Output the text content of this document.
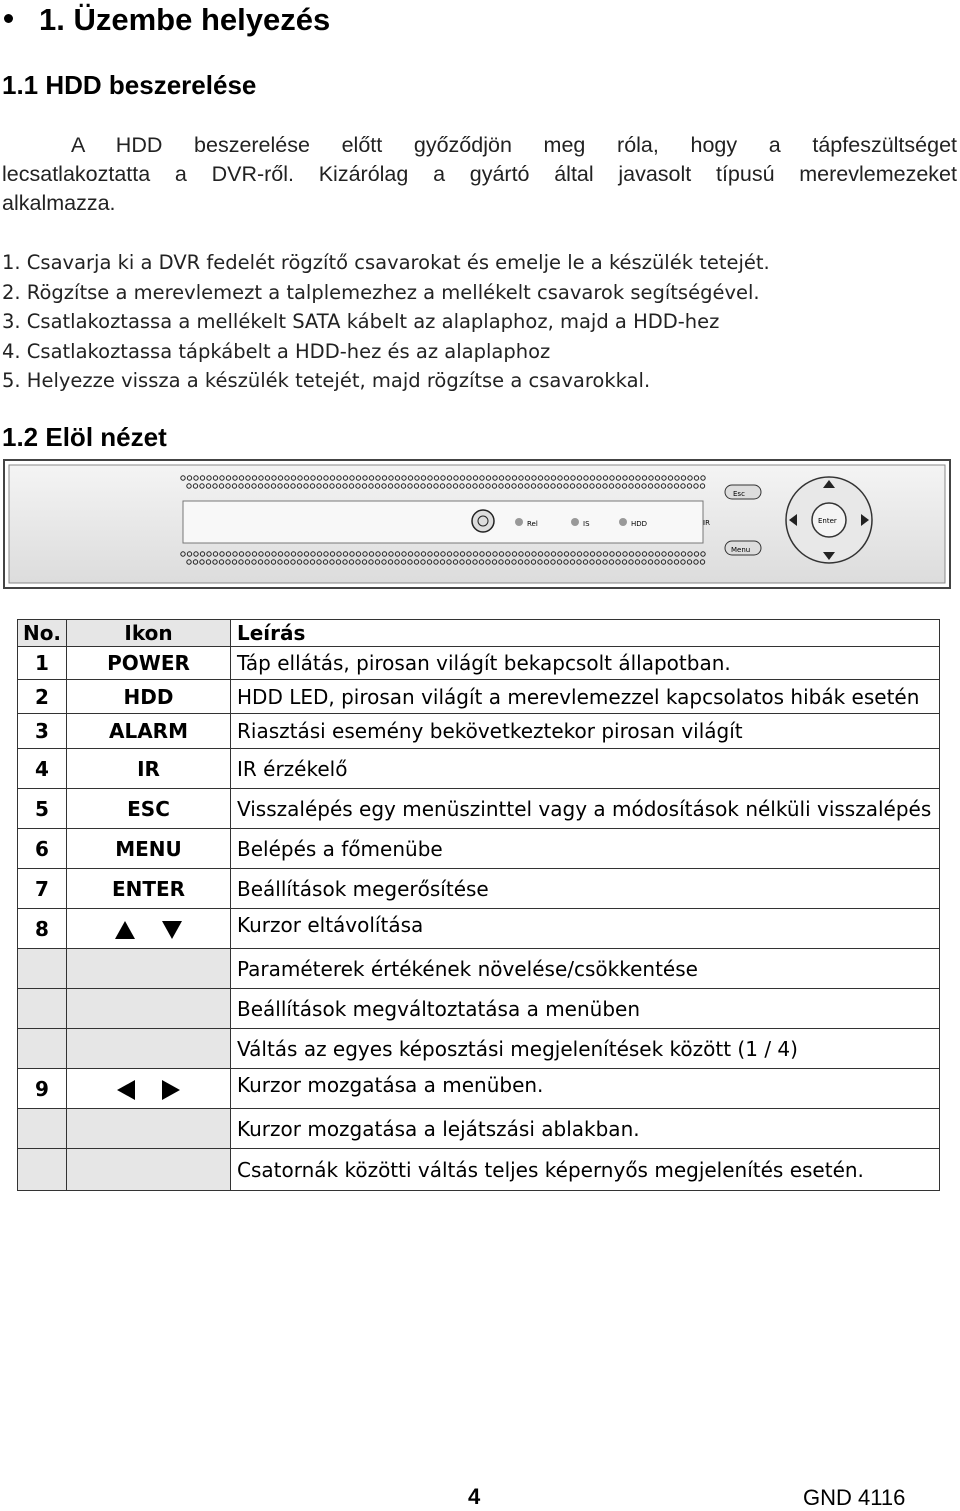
1. Üzembe helyezés
1.1 HDD beszerelése
A HDD beszerelése előtt győződjön meg róla, hogy a tápfeszültséget
lecsatlakoztatta a DVR-ről. Kizárólag a gyártó által javasolt típusú merevlemezeket
alkalmazza.
1. Csavarja ki a DVR fedelét rögzítő csavarokat és emelje le a készülék tetejét.
2. Rögzítse a merevlemezt a talplemezhez a mellékelt csavarok segítségével.
3. Csatlakoztassa a mellékelt SATA kábelt az alaplaphoz, majd a HDD-hez
4. Csatlakoztassa tápkábelt a HDD-hez és az alaplaphoz
5. Helyezze vissza a készülék tetejét, majd rögzítse a csavarokkal.
1.2 Elöl nézet
Rel	IS	HDD	IR
Esc
Menu
Enter
No.	Ikon	Leírás
1	POWER	Táp ellátás, pirosan világít bekapcsolt állapotban.
2	HDD	HDD LED, pirosan világít a merevlemezzel kapcsolatos hibák esetén
3	ALARM	Riasztási esemény bekövetkeztekor pirosan világít
4	IR	IR érzékelő
5	ESC	Visszalépés egy menüszinttel vagy a módosítások nélküli visszalépés
6	MENU	Belépés a főmenübe
7	ENTER	Beállítások megerősítése
8		Kurzor eltávolítása
		Paraméterek értékének növelése/csökkentése
		Beállítások megváltoztatása a menüben
		Váltás az egyes képosztási megjelenítések között (1 / 4)
9		Kurzor mozgatása a menüben.
		Kurzor mozgatása a lejátszási ablakban.
		Csatornák közötti váltás teljes képernyős megjelenítés esetén.
4	GND 4116
